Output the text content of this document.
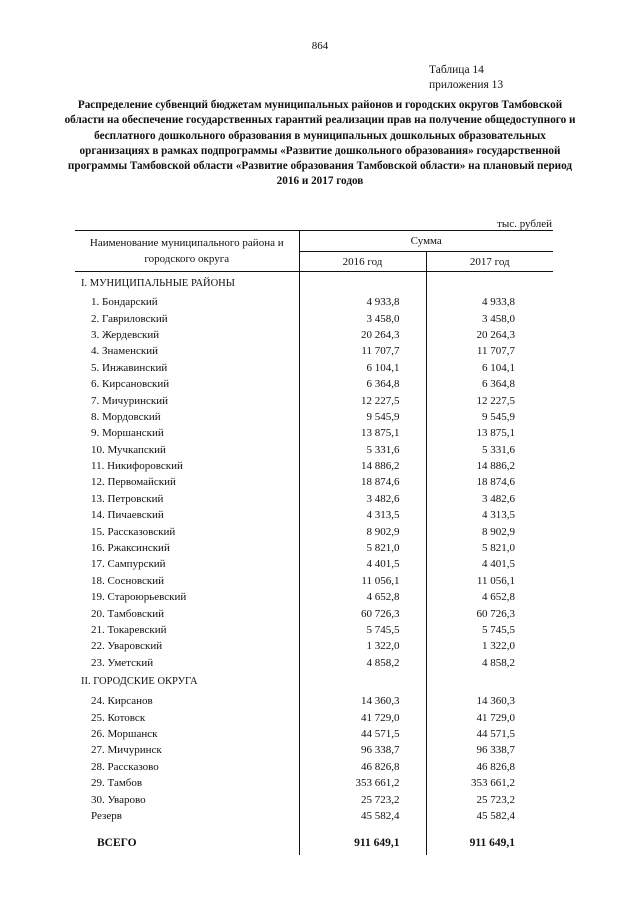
864
Таблица 14
приложения 13
Распределение субвенций бюджетам муниципальных районов и городских округов Тамбовской области на обеспечение государственных гарантий реализации прав на получение общедоступного и бесплатного дошкольного образования в муниципальных дошкольных образовательных организациях в рамках подпрограммы «Развитие дошкольного образования» государственной программы Тамбовской области «Развитие образования Тамбовской области» на плановый период 2016 и 2017 годов
тыс. рублей
Наименование муниципального района и городского округа	Сумма	
	2016 год	2017 год
I. МУНИЦИПАЛЬНЫЕ РАЙОНЫ		
1. Бондарский	4 933,8	4 933,8
2. Гавриловский	3 458,0	3 458,0
3. Жердевский	20 264,3	20 264,3
4. Знаменский	11 707,7	11 707,7
5. Инжавинский	6 104,1	6 104,1
6. Кирсановский	6 364,8	6 364,8
7. Мичуринский	12 227,5	12 227,5
8. Мордовский	9 545,9	9 545,9
9. Моршанский	13 875,1	13 875,1
10. Мучкапский	5 331,6	5 331,6
11. Никифоровский	14 886,2	14 886,2
12. Первомайский	18 874,6	18 874,6
13. Петровский	3 482,6	3 482,6
14. Пичаевский	4 313,5	4 313,5
15. Рассказовский	8 902,9	8 902,9
16. Ржаксинский	5 821,0	5 821,0
17. Сампурский	4 401,5	4 401,5
18. Сосновский	11 056,1	11 056,1
19. Староюрьевский	4 652,8	4 652,8
20. Тамбовский	60 726,3	60 726,3
21. Токаревский	5 745,5	5 745,5
22. Уваровский	1 322,0	1 322,0
23. Уметский	4 858,2	4 858,2
II. ГОРОДСКИЕ ОКРУГА		
24. Кирсанов	14 360,3	14 360,3
25. Котовск	41 729,0	41 729,0
26. Моршанск	44 571,5	44 571,5
27. Мичуринск	96 338,7	96 338,7
28. Рассказово	46 826,8	46 826,8
29. Тамбов	353 661,2	353 661,2
30. Уварово	25 723,2	25 723,2
Резерв	45 582,4	45 582,4

ВСЕГО	911 649,1	911 649,1
